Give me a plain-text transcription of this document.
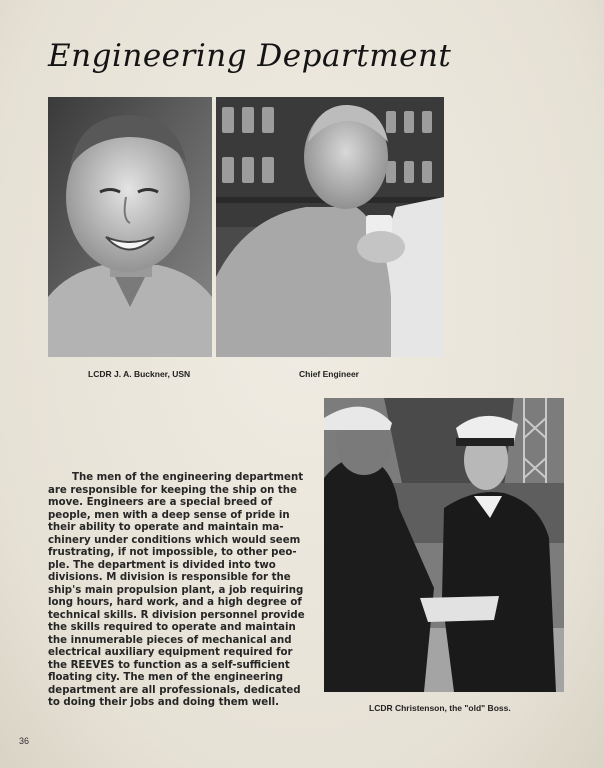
Engineering Department
LCDR J. A. Buckner, USN	Chief Engineer
LCDR Christenson, the "old" Boss.

The men of the engineering department
are responsible for keeping the ship on the
move. Engineers are a special breed of
people, men with a deep sense of pride in
their ability to operate and maintain ma-
chinery under conditions which would seem
frustrating, if not impossible, to other peo-
ple. The department is divided into two
divisions. M division is responsible for the
ship's main propulsion plant, a job requiring
long hours, hard work, and a high degree of
technical skills. R division personnel provide
the skills required to operate and maintain
the innumerable pieces of mechanical and
electrical auxiliary equipment required for
the REEVES to function as a self-sufficient
floating city. The men of the engineering
department are all professionals, dedicated
to doing their jobs and doing them well.

36
